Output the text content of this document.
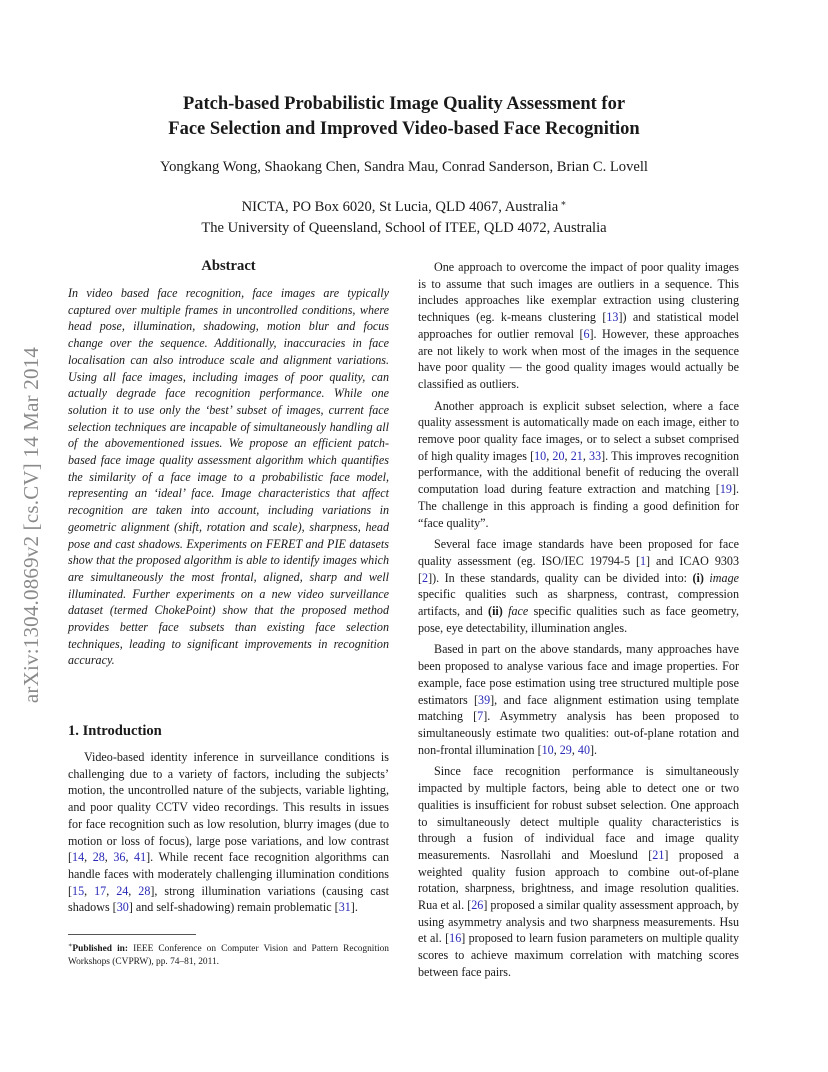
arXiv:1304.0869v2 [cs.CV] 14 Mar 2014
Patch-based Probabilistic Image Quality Assessment for
Face Selection and Improved Video-based Face Recognition
Yongkang Wong, Shaokang Chen, Sandra Mau, Conrad Sanderson, Brian C. Lovell
NICTA, PO Box 6020, St Lucia, QLD 4067, Australia ∗
The University of Queensland, School of ITEE, QLD 4072, Australia
Abstract

In video based face recognition, face images are typically captured over multiple frames in uncontrolled conditions, where head pose, illumination, shadowing, motion blur and focus change over the sequence. Additionally, inaccuracies in face localisation can also introduce scale and alignment variations. Using all face images, including images of poor quality, can actually degrade face recognition performance. While one solution it to use only the ‘best’ subset of images, current face selection techniques are incapable of simultaneously handling all of the abovementioned issues. We propose an efficient patch-based face image quality assessment algorithm which quantifies the similarity of a face image to a probabilistic face model, representing an ‘ideal’ face. Image characteristics that affect recognition are taken into account, including variations in geometric alignment (shift, rotation and scale), sharpness, head pose and cast shadows. Experiments on FERET and PIE datasets show that the proposed algorithm is able to identify images which are simultaneously the most frontal, aligned, sharp and well illuminated. Further experiments on a new video surveillance dataset (termed ChokePoint) show that the proposed method provides better face subsets than existing face selection techniques, leading to significant improvements in recognition accuracy.

1. Introduction

Video-based identity inference in surveillance conditions is challenging due to a variety of factors, including the subjects’ motion, the uncontrolled nature of the subjects, variable lighting, and poor quality CCTV video recordings. This results in issues for face recognition such as low resolution, blurry images (due to motion or loss of focus), large pose variations, and low contrast [14, 28, 36, 41]. While recent face recognition algorithms can handle faces with moderately challenging illumination conditions [15, 17, 24, 28], strong illumination variations (causing cast shadows [30] and self-shadowing) remain problematic [31].

∗Published in: IEEE Conference on Computer Vision and Pattern Recognition Workshops (CVPRW), pp. 74–81, 2011.

One approach to overcome the impact of poor quality images is to assume that such images are outliers in a sequence. This includes approaches like exemplar extraction using clustering techniques (eg. k-means clustering [13]) and statistical model approaches for outlier removal [6]. However, these approaches are not likely to work when most of the images in the sequence have poor quality — the good quality images would actually be classified as outliers.

Another approach is explicit subset selection, where a face quality assessment is automatically made on each image, either to remove poor quality face images, or to select a subset comprised of high quality images [10, 20, 21, 33]. This improves recognition performance, with the additional benefit of reducing the overall computation load during feature extraction and matching [19]. The challenge in this approach is finding a good definition for “face quality”.

Several face image standards have been proposed for face quality assessment (eg. ISO/IEC 19794-5 [1] and ICAO 9303 [2]). In these standards, quality can be divided into: (i) image specific qualities such as sharpness, contrast, compression artifacts, and (ii) face specific qualities such as face geometry, pose, eye detectability, illumination angles.

Based in part on the above standards, many approaches have been proposed to analyse various face and image properties. For example, face pose estimation using tree structured multiple pose estimators [39], and face alignment estimation using template matching [7]. Asymmetry analysis has been proposed to simultaneously estimate two qualities: out-of-plane rotation and non-frontal illumination [10, 29, 40].

Since face recognition performance is simultaneously impacted by multiple factors, being able to detect one or two qualities is insufficient for robust subset selection. One approach to simultaneously detect multiple quality characteristics is through a fusion of individual face and image quality measurements. Nasrollahi and Moeslund [21] proposed a weighted quality fusion approach to combine out-of-plane rotation, sharpness, brightness, and image resolution qualities. Rua et al. [26] proposed a similar quality assessment approach, by using asymmetry analysis and two sharpness measurements. Hsu et al. [16] proposed to learn fusion parameters on multiple quality scores to achieve maximum correlation with matching scores between face pairs.
